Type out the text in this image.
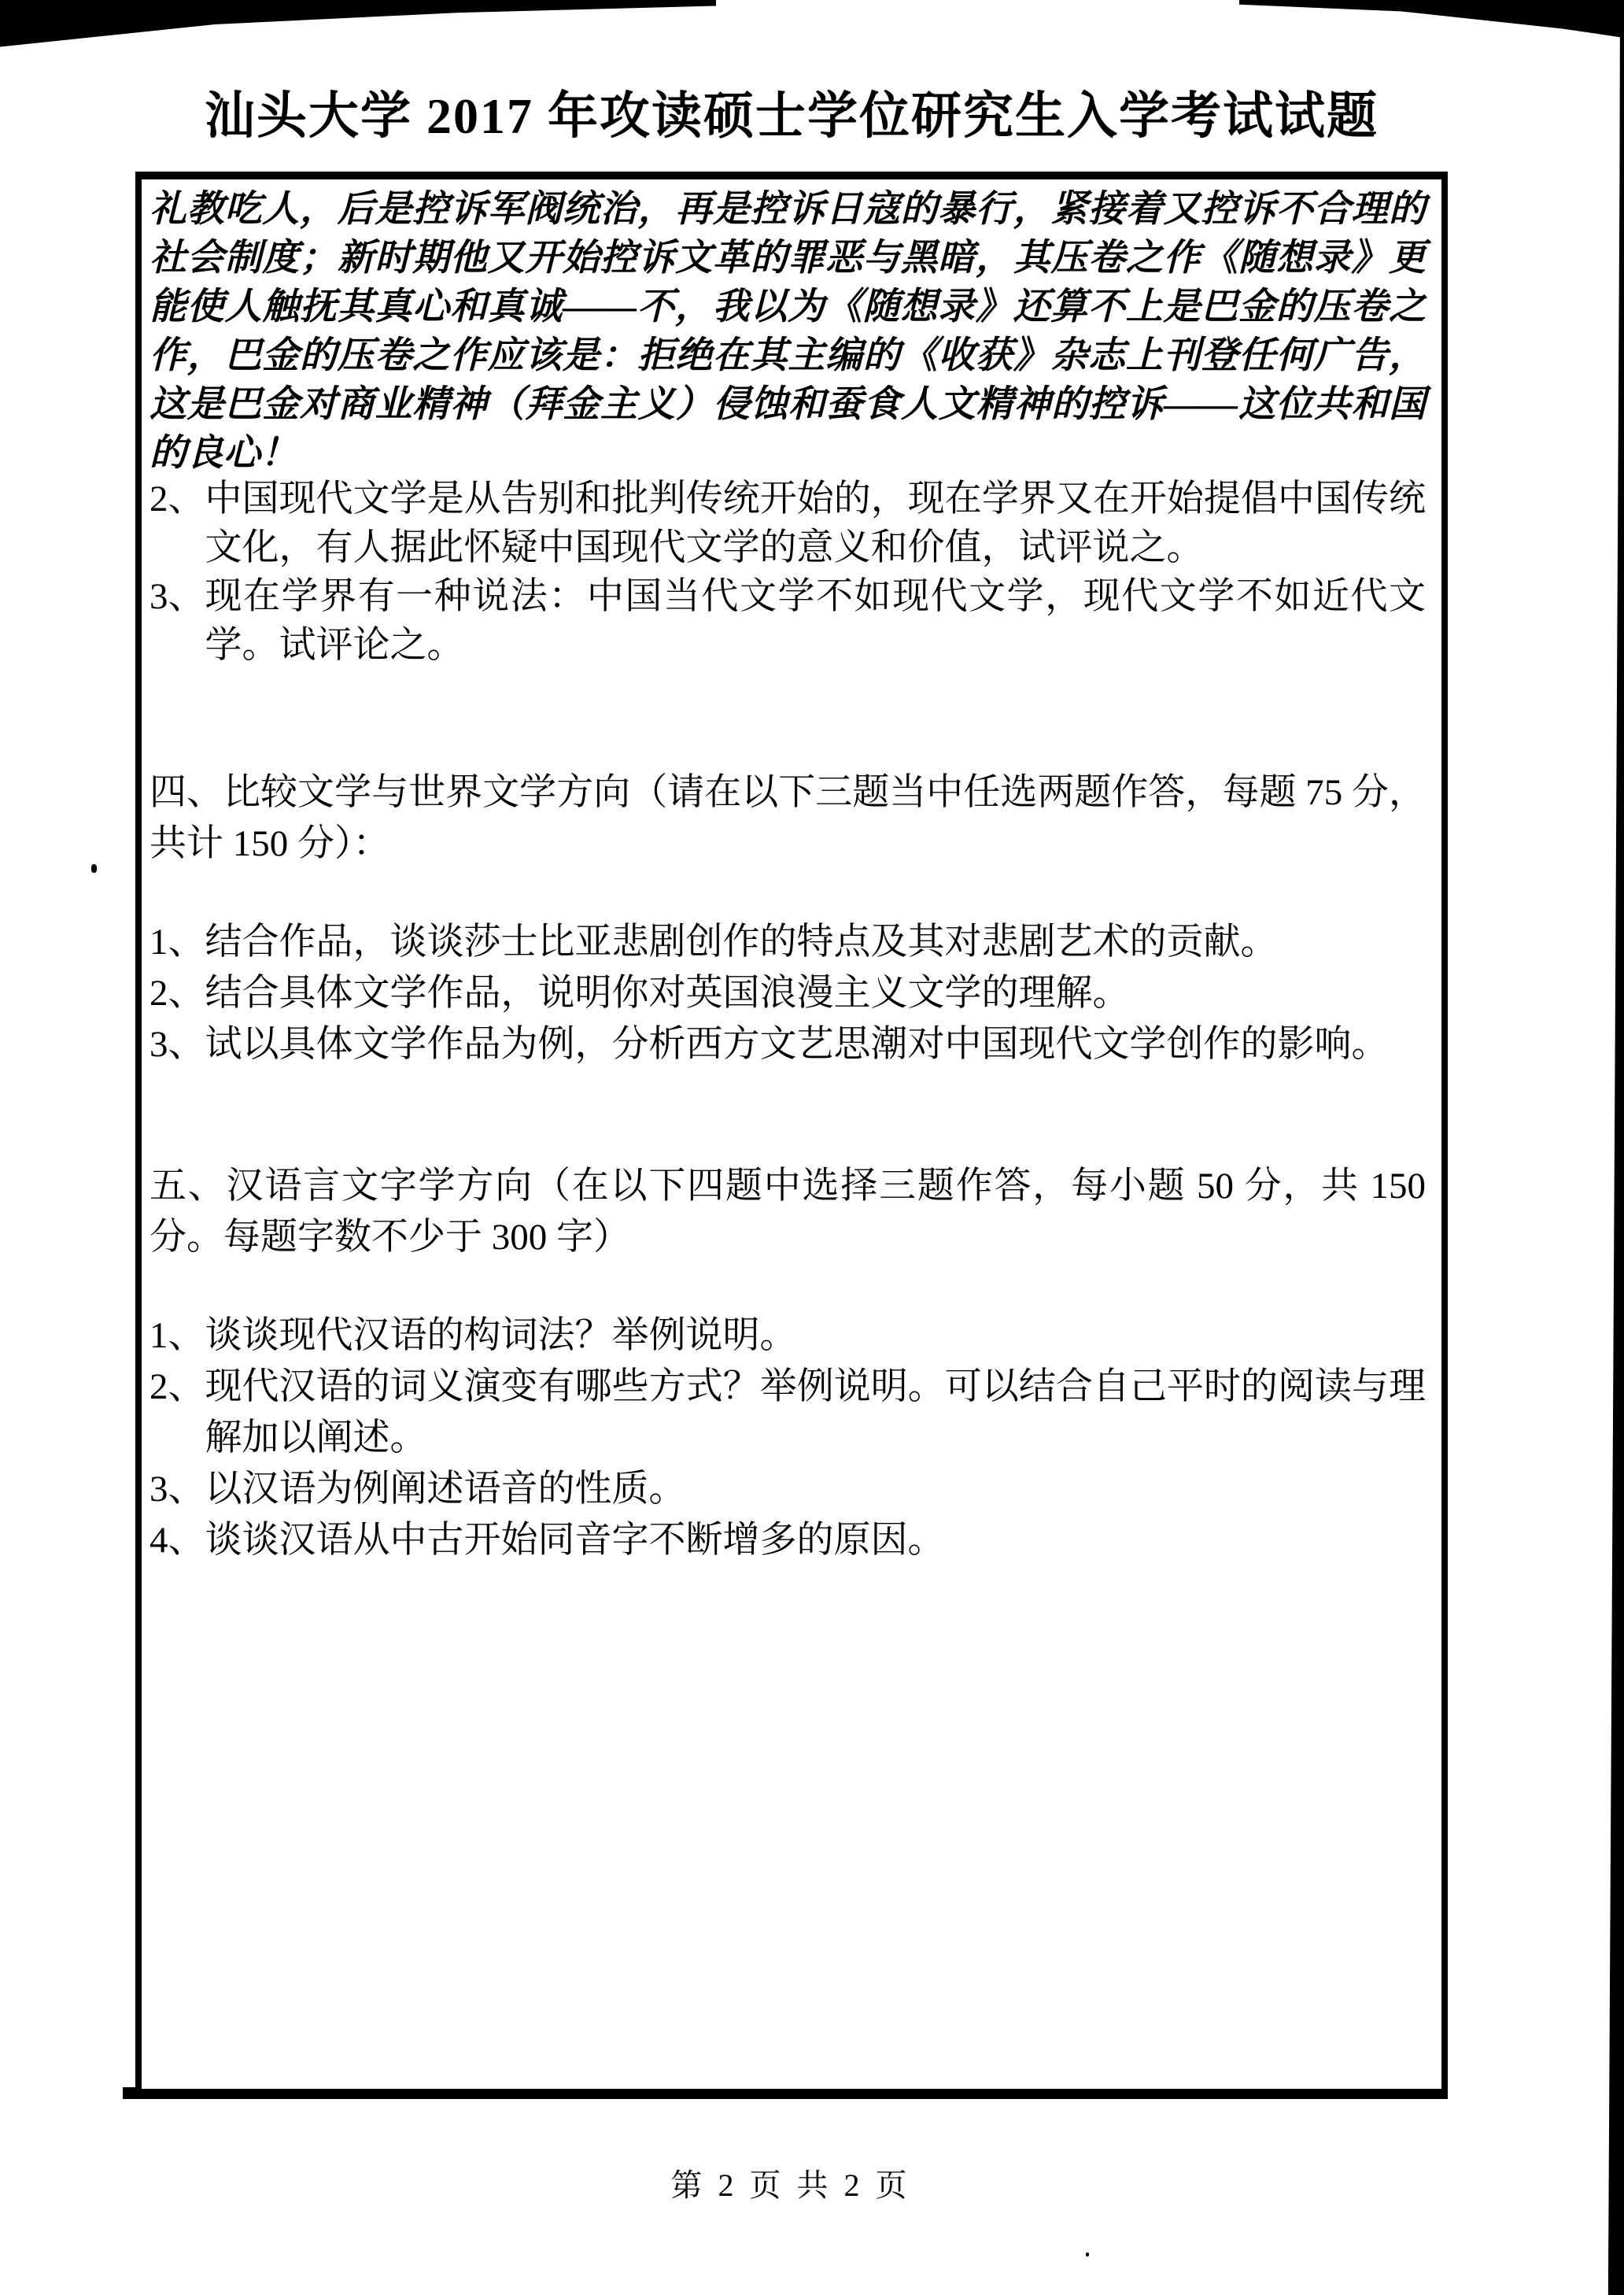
汕头大学 2017 年攻读硕士学位研究生入学考试试题
礼教吃人，后是控诉军阀统治，再是控诉日寇的暴行，紧接着又控诉不合理的社会制度；新时期他又开始控诉文革的罪恶与黑暗，其压卷之作《随想录》更能使人触抚其真心和真诚——不，我以为《随想录》还算不上是巴金的压卷之作，巴金的压卷之作应该是：拒绝在其主编的《收获》杂志上刊登任何广告，这是巴金对商业精神（拜金主义）侵蚀和蚕食人文精神的控诉——这位共和国的良心！
2、 中国现代文学是从告别和批判传统开始的，现在学界又在开始提倡中国传统文化，有人据此怀疑中国现代文学的意义和价值，试评说之。
3、 现在学界有一种说法：中国当代文学不如现代文学，现代文学不如近代文学。试评论之。
四、比较文学与世界文学方向（请在以下三题当中任选两题作答，每题 75 分，共计 150 分）：
1、 结合作品，谈谈莎士比亚悲剧创作的特点及其对悲剧艺术的贡献。
2、 结合具体文学作品，说明你对英国浪漫主义文学的理解。
3、 试以具体文学作品为例，分析西方文艺思潮对中国现代文学创作的影响。
五、汉语言文字学方向（在以下四题中选择三题作答，每小题 50 分，共 150 分。每题字数不少于 300 字）
1、 谈谈现代汉语的构词法？举例说明。
2、 现代汉语的词义演变有哪些方式？举例说明。可以结合自己平时的阅读与理解加以阐述。
3、 以汉语为例阐述语音的性质。
4、 谈谈汉语从中古开始同音字不断增多的原因。
第 2 页 共 2 页
